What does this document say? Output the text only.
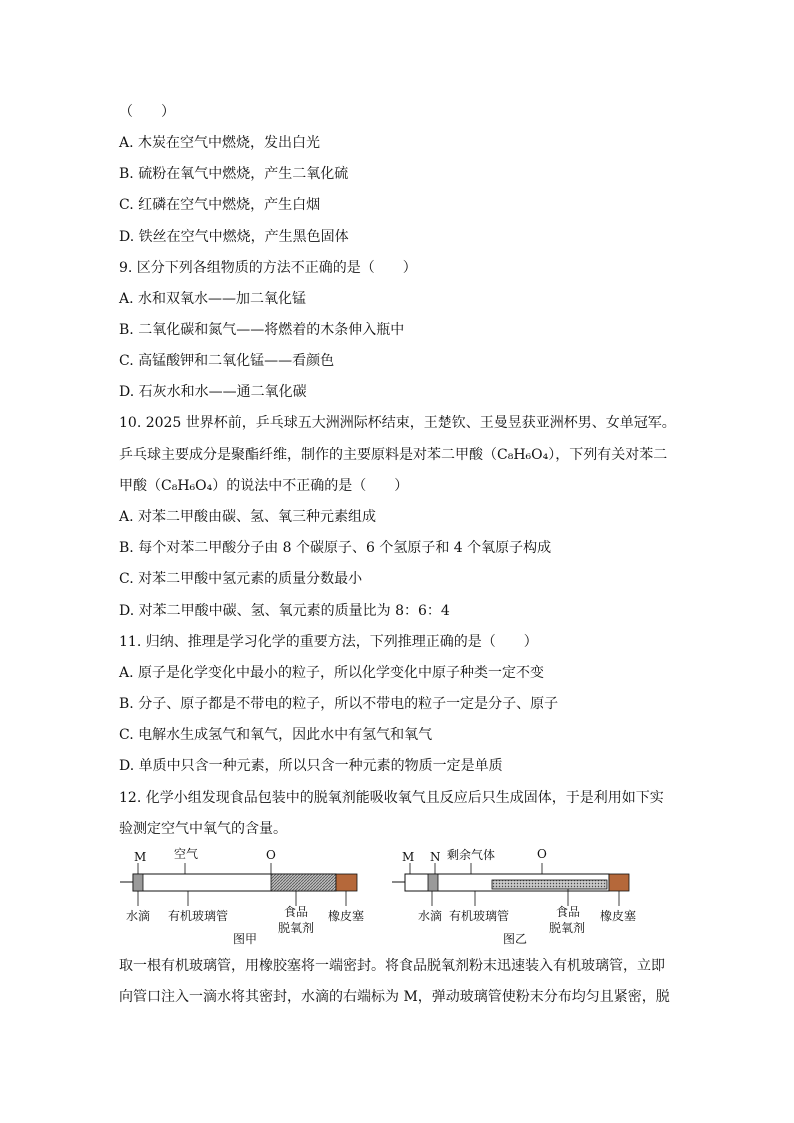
（　　）
A. 木炭在空气中燃烧，发出白光
B. 硫粉在氧气中燃烧，产生二氧化硫
C. 红磷在空气中燃烧，产生白烟
D. 铁丝在空气中燃烧，产生黑色固体
9. 区分下列各组物质的方法不正确的是（　　）
A. 水和双氧水——加二氧化锰
B. 二氧化碳和氮气——将燃着的木条伸入瓶中
C. 高锰酸钾和二氧化锰——看颜色
D. 石灰水和水——通二氧化碳
10. 2025 世界杯前，乒乓球五大洲洲际杯结束，王楚钦、王曼昱获亚洲杯男、女单冠军。
乒乓球主要成分是聚酯纤维，制作的主要原料是对苯二甲酸（C₈H₆O₄），下列有关对苯二
甲酸（C₈H₆O₄）的说法中不正确的是（　　）
A. 对苯二甲酸由碳、氢、氧三种元素组成
B. 每个对苯二甲酸分子由 8 个碳原子、6 个氢原子和 4 个氧原子构成
C. 对苯二甲酸中氢元素的质量分数最小
D. 对苯二甲酸中碳、氢、氧元素的质量比为 8：6：4
11. 归纳、推理是学习化学的重要方法，下列推理正确的是（　　）
A. 原子是化学变化中最小的粒子，所以化学变化中原子种类一定不变
B. 分子、原子都是不带电的粒子，所以不带电的粒子一定是分子、原子
C. 电解水生成氢气和氧气，因此水中有氢气和氧气
D. 单质中只含一种元素，所以只含一种元素的物质一定是单质
12. 化学小组发现食品包装中的脱氧剂能吸收氧气且反应后只生成固体，于是利用如下实
验测定空气中氧气的含量。
M 空气	O
水滴 有机玻璃管	食品
脱氧剂
橡皮塞
图甲
M N 剩余气体	O
水滴 有机玻璃管	食品
脱氧剂
橡皮塞
图乙
取一根有机玻璃管，用橡胶塞将一端密封。将食品脱氧剂粉末迅速装入有机玻璃管，立即
向管口注入一滴水将其密封，水滴的右端标为 M，弹动玻璃管使粉末分布均匀且紧密，脱
